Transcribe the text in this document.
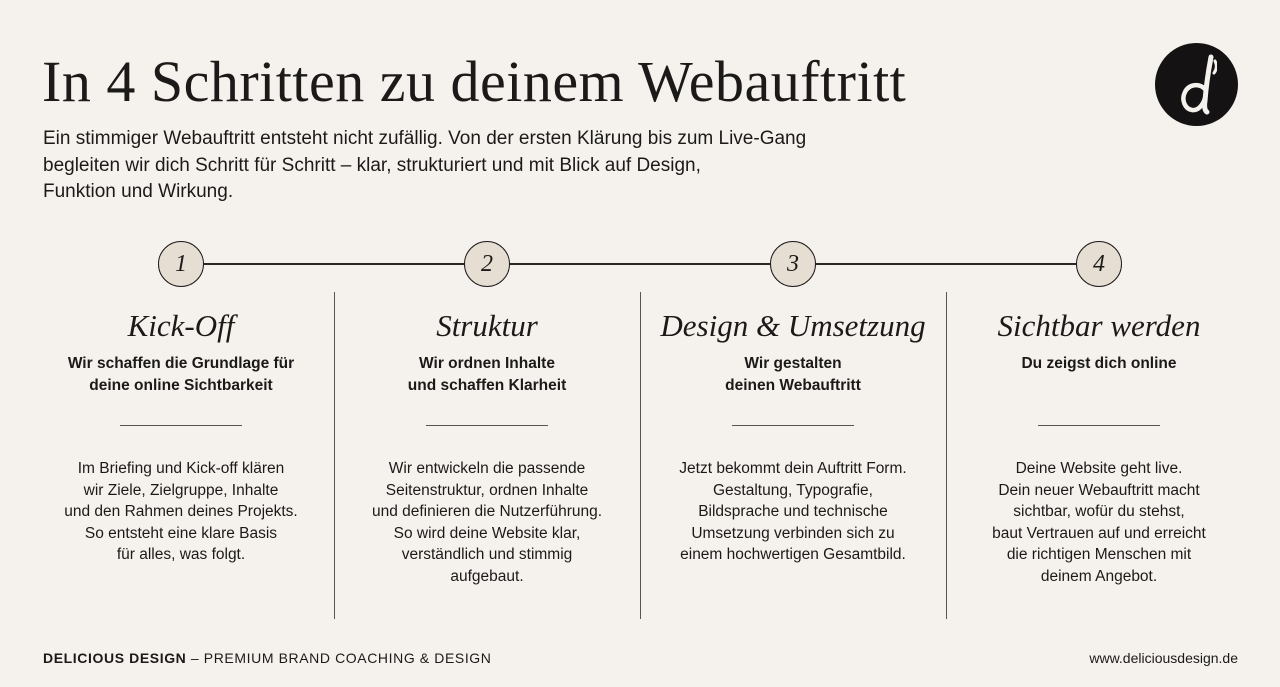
In 4 Schritten zu deinem Webauftritt
Ein stimmiger Webauftritt entsteht nicht zufällig. Von der ersten Klärung bis zum Live-Gang
begleiten wir dich Schritt für Schritt – klar, strukturiert und mit Blick auf Design,
Funktion und Wirkung.
1	2	3	4
Kick-Off
Wir schaffen die Grundlage für
deine online Sichtbarkeit
Im Briefing und Kick-off klären
wir Ziele, Zielgruppe, Inhalte
und den Rahmen deines Projekts.
So entsteht eine klare Basis
für alles, was folgt.
Struktur
Wir ordnen Inhalte
und schaffen Klarheit
Wir entwickeln die passende
Seitenstruktur, ordnen Inhalte
und definieren die Nutzerführung.
So wird deine Website klar,
verständlich und stimmig
aufgebaut.
Design & Umsetzung
Wir gestalten
deinen Webauftritt
Jetzt bekommt dein Auftritt Form.
Gestaltung, Typografie,
Bildsprache und technische
Umsetzung verbinden sich zu
einem hochwertigen Gesamtbild.
Sichtbar werden
Du zeigst dich online
Deine Website geht live.
Dein neuer Webauftritt macht
sichtbar, wofür du stehst,
baut Vertrauen auf und erreicht
die richtigen Menschen mit
deinem Angebot.
DELICIOUS DESIGN – PREMIUM BRAND COACHING & DESIGN	www.deliciousdesign.de
